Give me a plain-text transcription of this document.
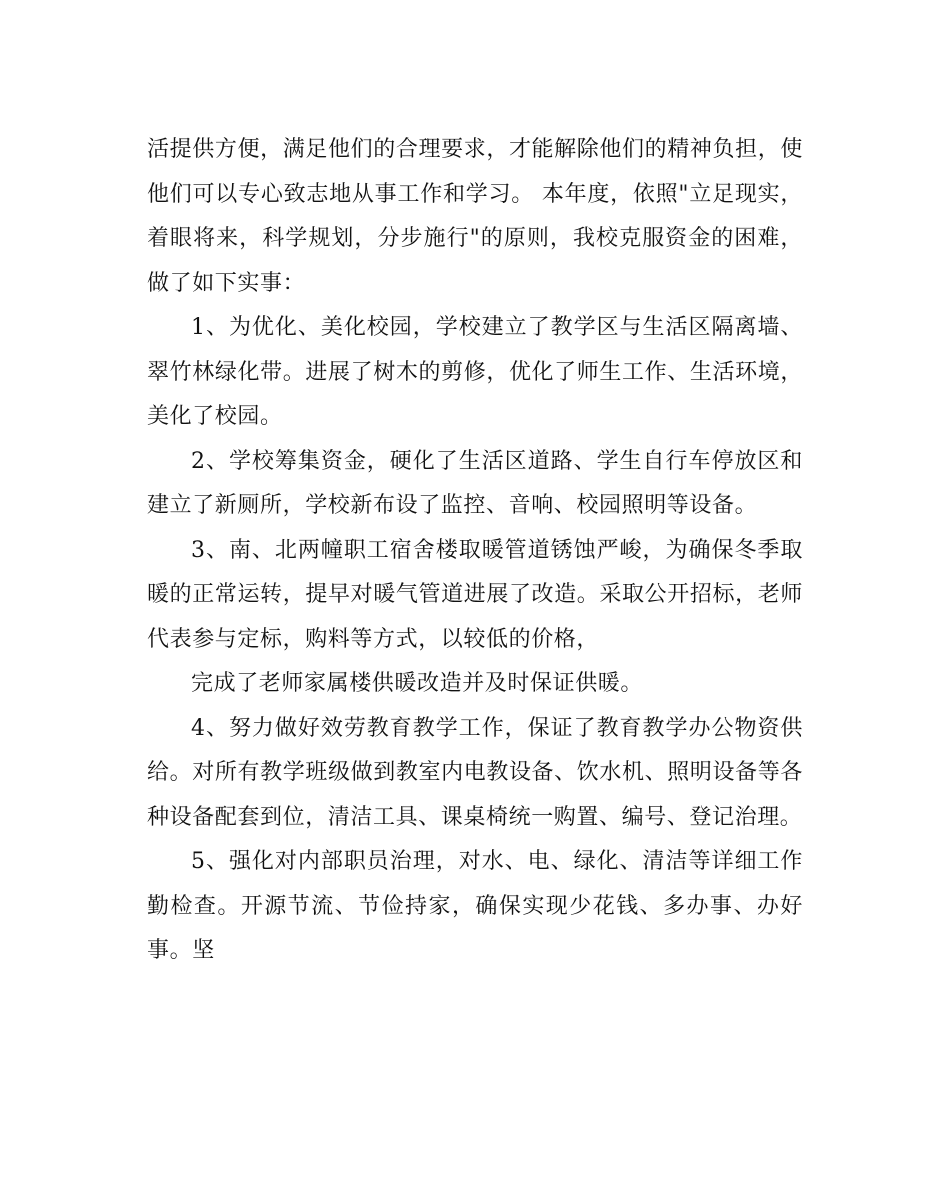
活提供方便，满足他们的合理要求，才能解除他们的精神负担，使他们可以专心致志地从事工作和学习。 本年度，依照"立足现实，着眼将来，科学规划，分步施行"的原则，我校克服资金的困难，做了如下实事：

1、为优化、美化校园，学校建立了教学区与生活区隔离墙、翠竹林绿化带。进展了树木的剪修，优化了师生工作、生活环境，美化了校园。

2、学校筹集资金，硬化了生活区道路、学生自行车停放区和建立了新厕所，学校新布设了监控、音响、校园照明等设备。

3、南、北两幢职工宿舍楼取暖管道锈蚀严峻，为确保冬季取暖的正常运转，提早对暖气管道进展了改造。采取公开招标，老师代表参与定标，购料等方式，以较低的价格，

完成了老师家属楼供暖改造并及时保证供暖。

4、努力做好效劳教育教学工作，保证了教育教学办公物资供给。对所有教学班级做到教室内电教设备、饮水机、照明设备等各种设备配套到位，清洁工具、课桌椅统一购置、编号、登记治理。

5、强化对内部职员治理，对水、电、绿化、清洁等详细工作勤检查。开源节流、节俭持家，确保实现少花钱、多办事、办好事。坚
